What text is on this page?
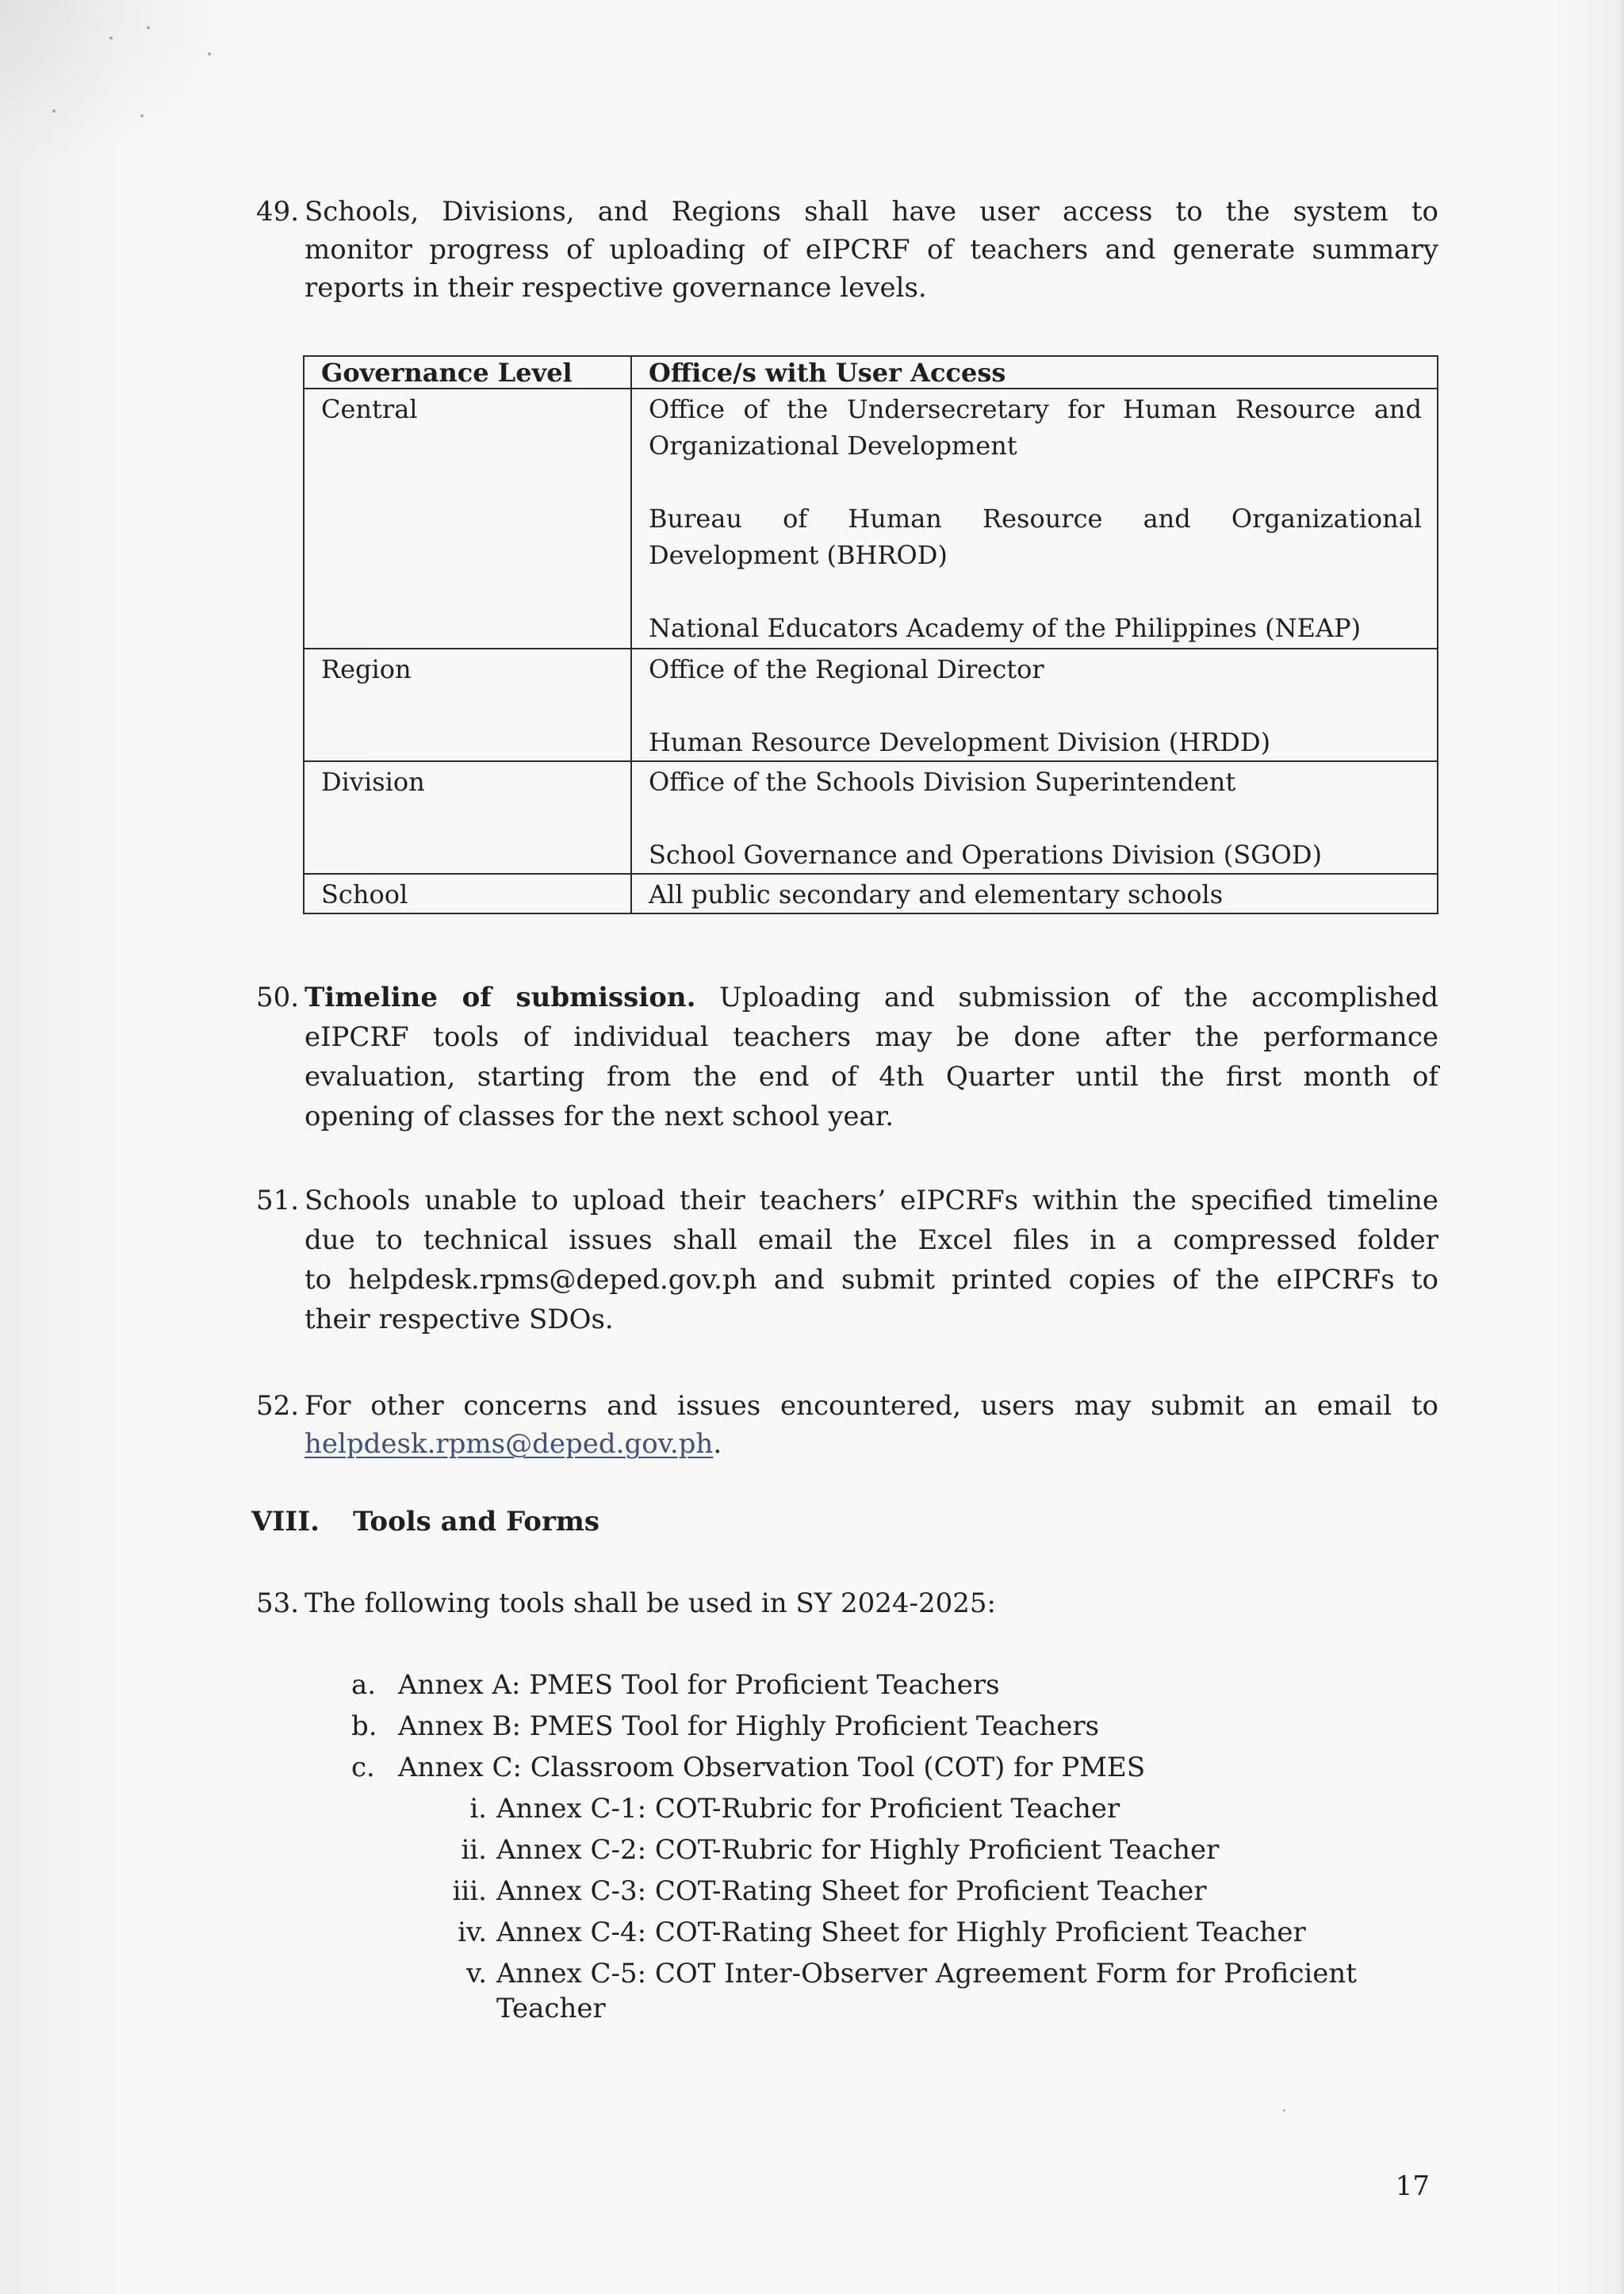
49. Schools, Divisions, and Regions shall have user access to the system to
monitor progress of uploading of eIPCRF of teachers and generate summary
reports in their respective governance levels.
Governance Level	Office/s with User Access
Central	Office of the Undersecretary for Human Resource and
Organizational Development
Bureau of Human Resource and Organizational
Development (BHROD)
National Educators Academy of the Philippines (NEAP)

Region	Office of the Regional Director
Human Resource Development Division (HRDD)

Division	Office of the Schools Division Superintendent
School Governance and Operations Division (SGOD)

School	All public secondary and elementary schools
50. Timeline of submission. Uploading and submission of the accomplished
eIPCRF tools of individual teachers may be done after the performance
evaluation, starting from the end of 4th Quarter until the first month of
opening of classes for the next school year.
51. Schools unable to upload their teachers’ eIPCRFs within the specified timeline
due to technical issues shall email the Excel files in a compressed folder
to helpdesk.rpms@deped.gov.ph and submit printed copies of the eIPCRFs to
their respective SDOs.
52. For other concerns and issues encountered, users may submit an email to
helpdesk.rpms@deped.gov.ph.
VIII. Tools and Forms
53. The following tools shall be used in SY 2024-2025:
a. Annex A: PMES Tool for Proficient Teachers
b. Annex B: PMES Tool for Highly Proficient Teachers
c. Annex C: Classroom Observation Tool (COT) for PMES
i. Annex C-1: COT-Rubric for Proficient Teacher
ii. Annex C-2: COT-Rubric for Highly Proficient Teacher
iii. Annex C-3: COT-Rating Sheet for Proficient Teacher
iv. Annex C-4: COT-Rating Sheet for Highly Proficient Teacher
v. Annex C-5: COT Inter-Observer Agreement Form for Proficient
Teacher
17
